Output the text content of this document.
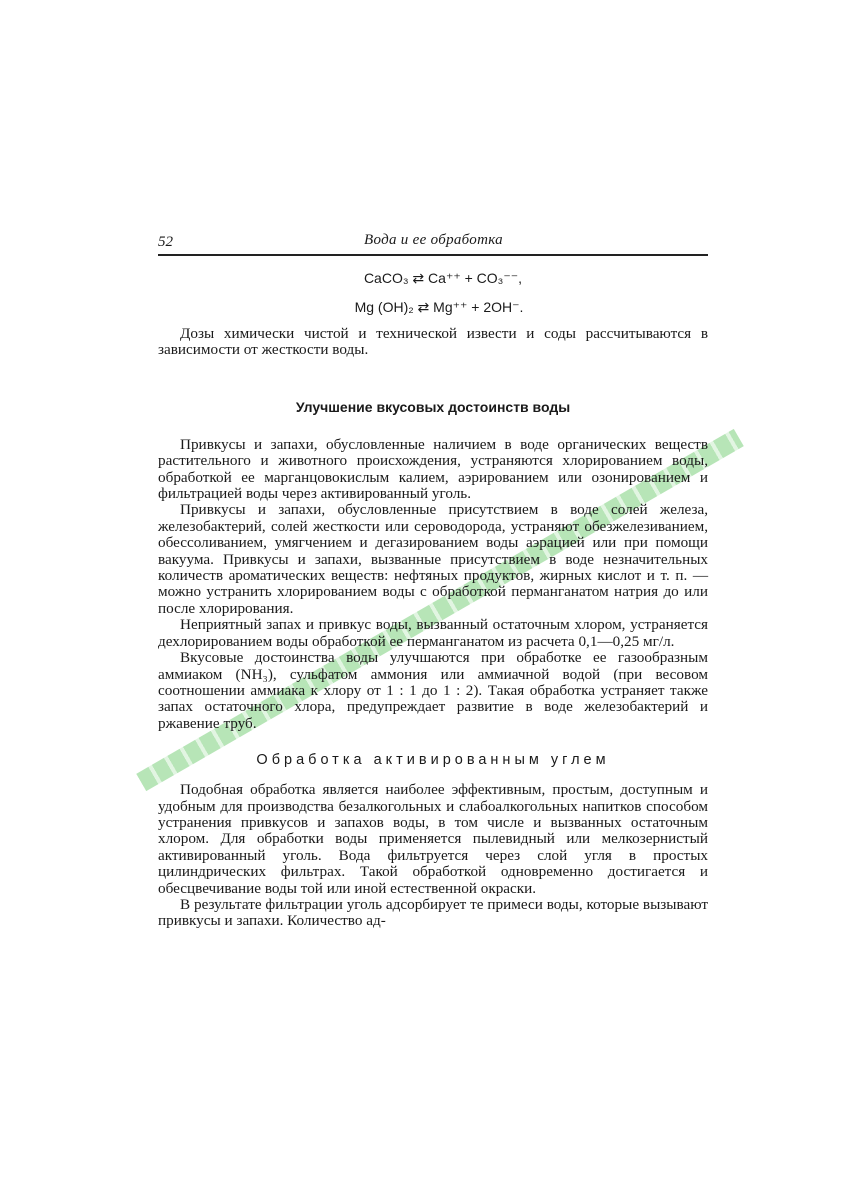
52	Вода и ее обработка

CaCO₃ ⇄ Ca⁺⁺ + CO₃⁻⁻,

Mg (OH)₂ ⇄ Mg⁺⁺ + 2OH⁻.

Дозы химически чистой и технической извести и соды рассчитываются в зависимости от жесткости воды.

Улучшение вкусовых достоинств воды

Привкусы и запахи, обусловленные наличием в воде органических веществ растительного и животного происхождения, устраняются хлорированием воды, обработкой ее марганцовокислым калием, аэрированием или озонированием и фильтрацией воды через активированный уголь.

Привкусы и запахи, обусловленные присутствием в воде солей железа, железобактерий, солей жесткости или сероводорода, устраняют обезжелезиванием, обессоливанием, умягчением и дегазированием воды аэрацией или при помощи вакуума. Привкусы и запахи, вызванные присутствием в воде незначительных количеств ароматических веществ: нефтяных продуктов, жирных кислот и т. п. — можно устранить хлорированием воды с обработкой перманганатом натрия до или после хлорирования.

Неприятный запах и привкус воды, вызванный остаточным хлором, устраняется дехлорированием воды обработкой ее перманганатом из расчета 0,1—0,25 мг/л.

Вкусовые достоинства воды улучшаются при обработке ее газообразным аммиаком (NH₃), сульфатом аммония или аммиачной водой (при весовом соотношении аммиака к хлору от 1 : 1 до 1 : 2). Такая обработка устраняет также запах остаточного хлора, предупреждает развитие в воде железобактерий и ржавение труб.

Обработка активированным углем

Подобная обработка является наиболее эффективным, простым, доступным и удобным для производства безалкогольных и слабоалкогольных напитков способом устранения привкусов и запахов воды, в том числе и вызванных остаточным хлором. Для обработки воды применяется пылевидный или мелкозернистый активированный уголь. Вода фильтруется через слой угля в простых цилиндрических фильтрах. Такой обработкой одновременно достигается и обесцвечивание воды той или иной естественной окраски.

В результате фильтрации уголь адсорбирует те примеси воды, которые вызывают привкусы и запахи. Количество ад-
